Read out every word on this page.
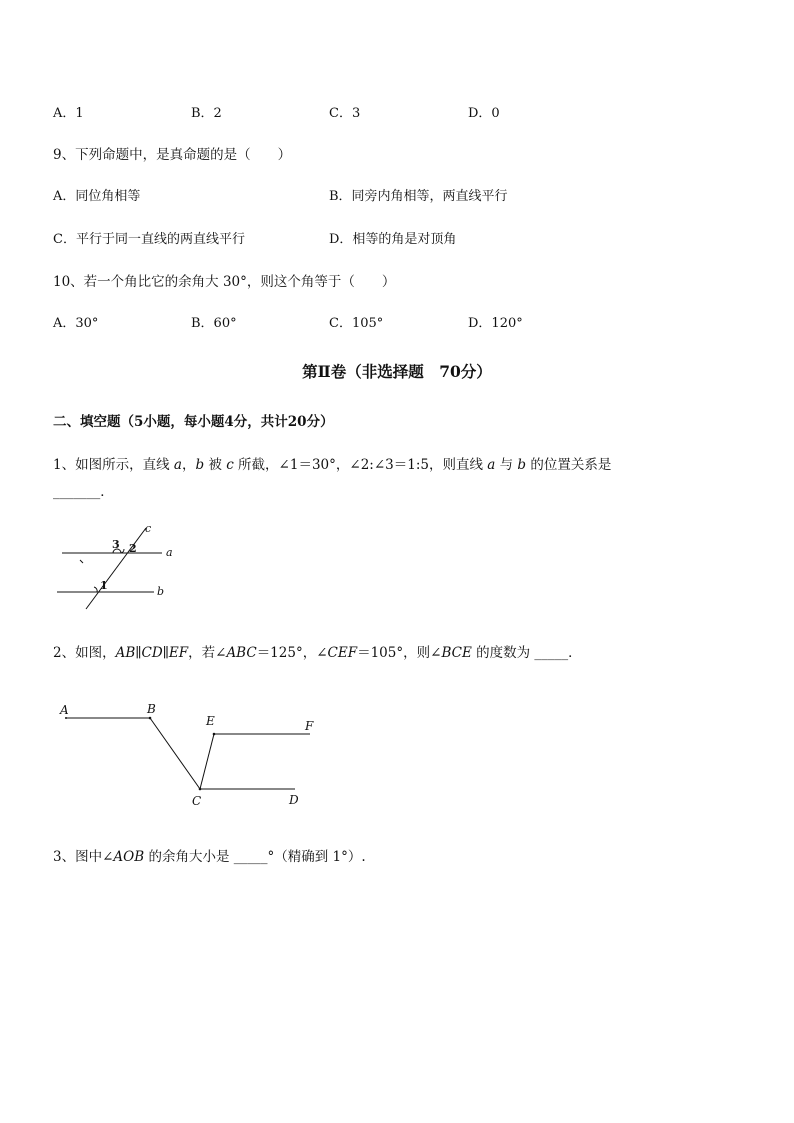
A．1	B．2	C．3	D．0
9、下列命题中，是真命题的是（　　）
A．同位角相等	B．同旁内角相等，两直线平行
C．平行于同一直线的两直线平行	D．相等的角是对顶角
10、若一个角比它的余角大 30°，则这个角等于（　　）
A．30°	B．60°	C．105°	D．120°
第Ⅱ卷（非选择题　70分）
二、填空题（5小题，每小题4分，共计20分）
1、如图所示，直线 a，b 被 c 所截，∠1＝30°，∠2:∠3＝1:5，则直线 a 与 b 的位置关系是
_______．
c
a
b
3 2
1
A	B
E	F
C	D
2、如图，AB∥CD∥EF，若∠ABC＝125°，∠CEF＝105°，则∠BCE 的度数为 _____．
3、图中∠AOB 的余角大小是 _____°（精确到 1°）.
